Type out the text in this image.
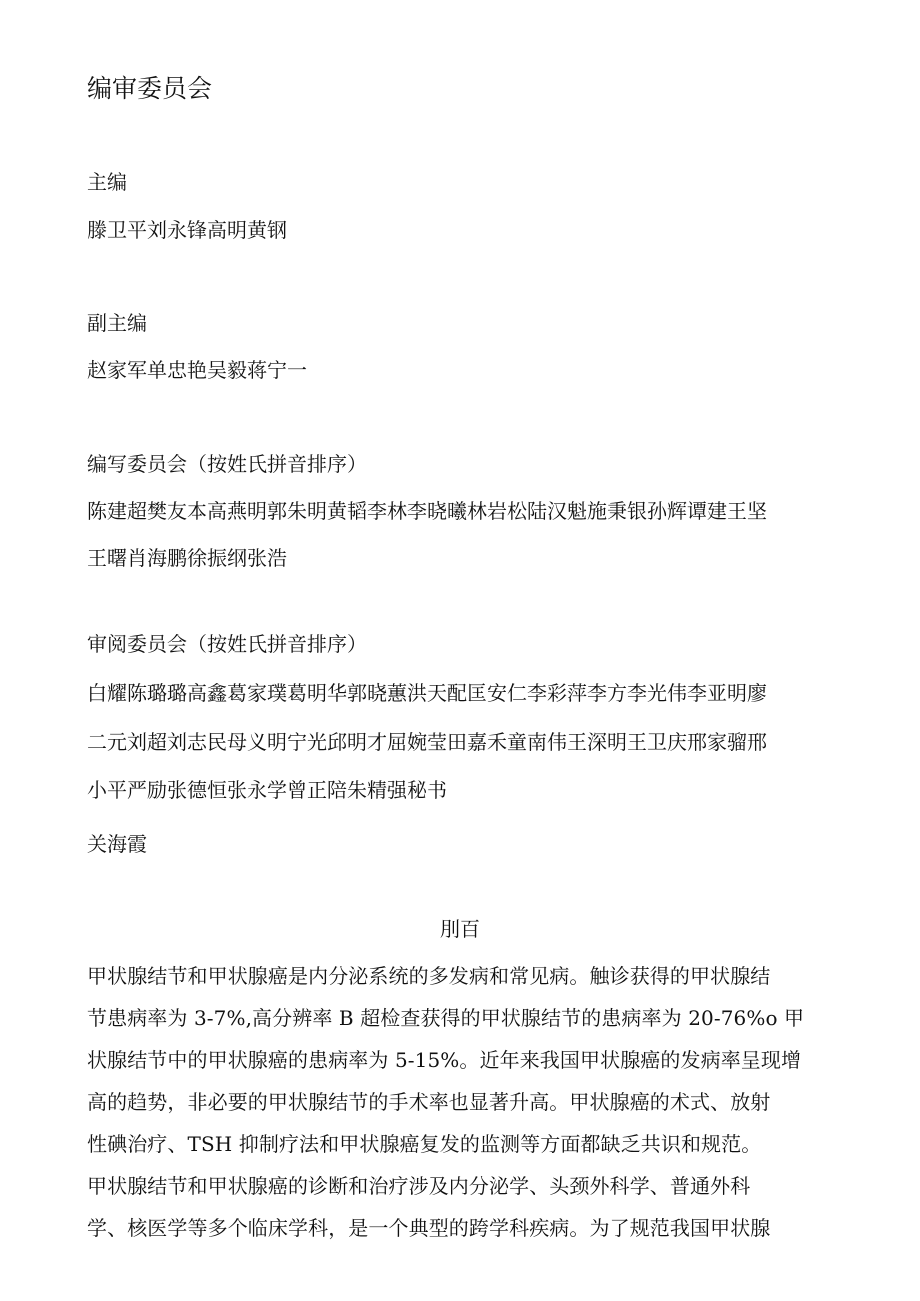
编审委员会

主编

滕卫平刘永锋高明黄钢

副主编

赵家军单忠艳吴毅蒋宁一

编写委员会（按姓氏拼音排序）

陈建超樊友本高燕明郭朱明黄韬李林李晓曦林岩松陆汉魁施秉银孙辉谭建王坚

王曙肖海鹏徐振纲张浩

审阅委员会（按姓氏拼音排序）

白耀陈璐璐高鑫葛家璞葛明华郭晓蕙洪天配匡安仁李彩萍李方李光伟李亚明廖

二元刘超刘志民母义明宁光邱明才屈婉莹田嘉禾童南伟王深明王卫庆邢家骝邢

小平严励张德恒张永学曾正陪朱精强秘书

关海霞

刖百

甲状腺结节和甲状腺癌是内分泌系统的多发病和常见病。触诊获得的甲状腺结

节患病率为 3-7%,高分辨率 B 超检查获得的甲状腺结节的患病率为 20-76%o 甲

状腺结节中的甲状腺癌的患病率为 5-15%。近年来我国甲状腺癌的发病率呈现增

高的趋势，非必要的甲状腺结节的手术率也显著升高。甲状腺癌的术式、放射

性碘治疗、TSH 抑制疗法和甲状腺癌复发的监测等方面都缺乏共识和规范。

甲状腺结节和甲状腺癌的诊断和治疗涉及内分泌学、头颈外科学、普通外科

学、核医学等多个临床学科，是一个典型的跨学科疾病。为了规范我国甲状腺
